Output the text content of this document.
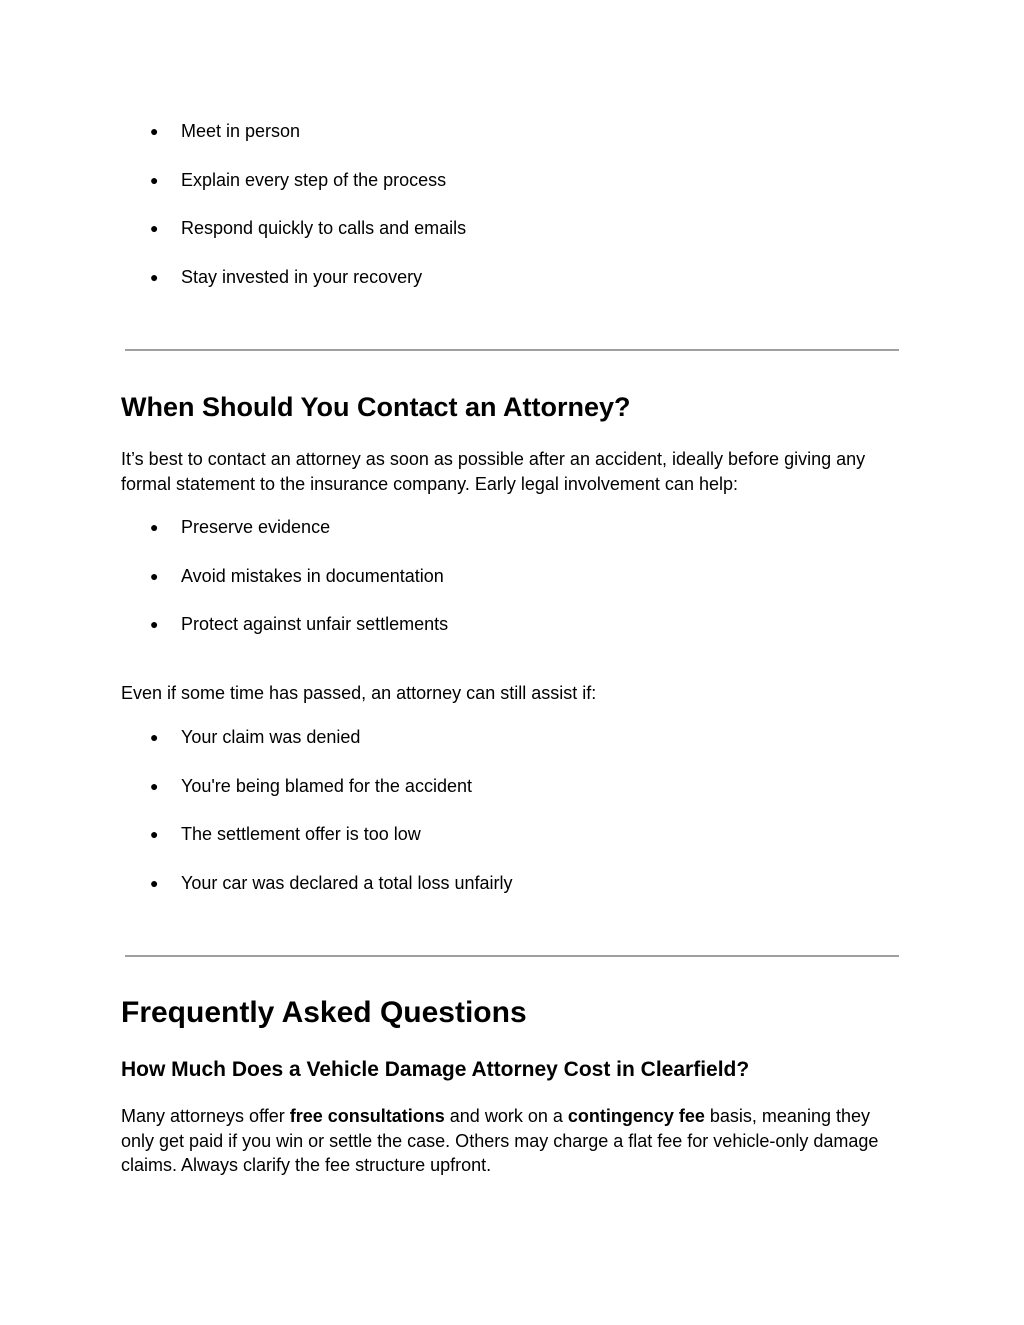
● Meet in person
● Explain every step of the process
● Respond quickly to calls and emails
● Stay invested in your recovery
When Should You Contact an Attorney?

It’s best to contact an attorney as soon as possible after an accident, ideally before giving any formal statement to the insurance company. Early legal involvement can help:

● Preserve evidence
● Avoid mistakes in documentation
● Protect against unfair settlements

Even if some time has passed, an attorney can still assist if:

● Your claim was denied
● You're being blamed for the accident
● The settlement offer is too low
● Your car was declared a total loss unfairly
Frequently Asked Questions
How Much Does a Vehicle Damage Attorney Cost in Clearfield?

Many attorneys offer free consultations and work on a contingency fee basis, meaning they only get paid if you win or settle the case. Others may charge a flat fee for vehicle-only damage claims. Always clarify the fee structure upfront.
